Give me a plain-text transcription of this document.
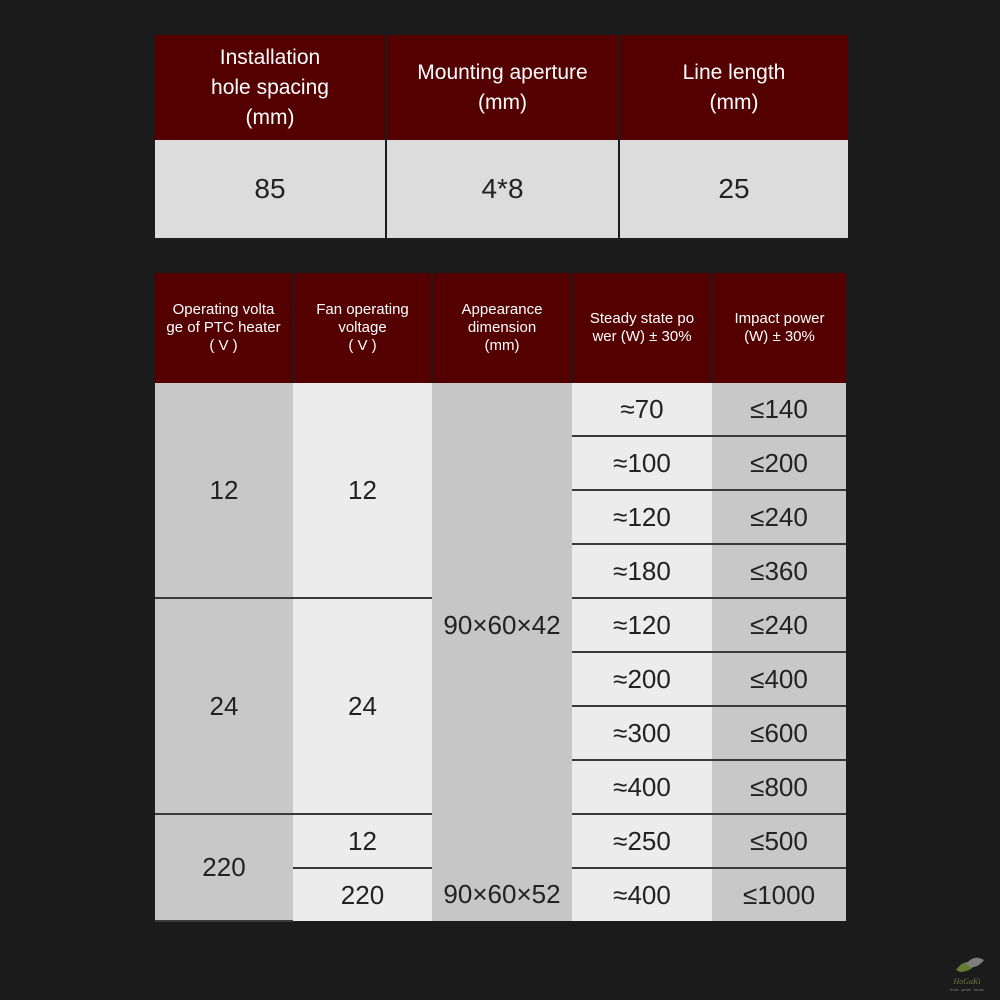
Installation
hole spacing
(mm)	Mounting aperture
(mm)	Line length
(mm)
85	4*8	25
Operating volta
ge of PTC heater
( V )	Fan operating
voltage
( V )	Appearance
dimension
(mm)	Steady state po
wer (W) ± 30%	Impact power
(W) ± 30%
12	12	90×60×42	≈70	≤140
			≈100	≤200
			≈120	≤240
			≈180	≤360
24	24		≈120	≤240
			≈200	≤400
			≈300	≤600
			≈400	≤800
220	12		≈250	≤500
	220	90×60×52	≈400	≤1000
HoGaKi
Home · garden · kitchen
